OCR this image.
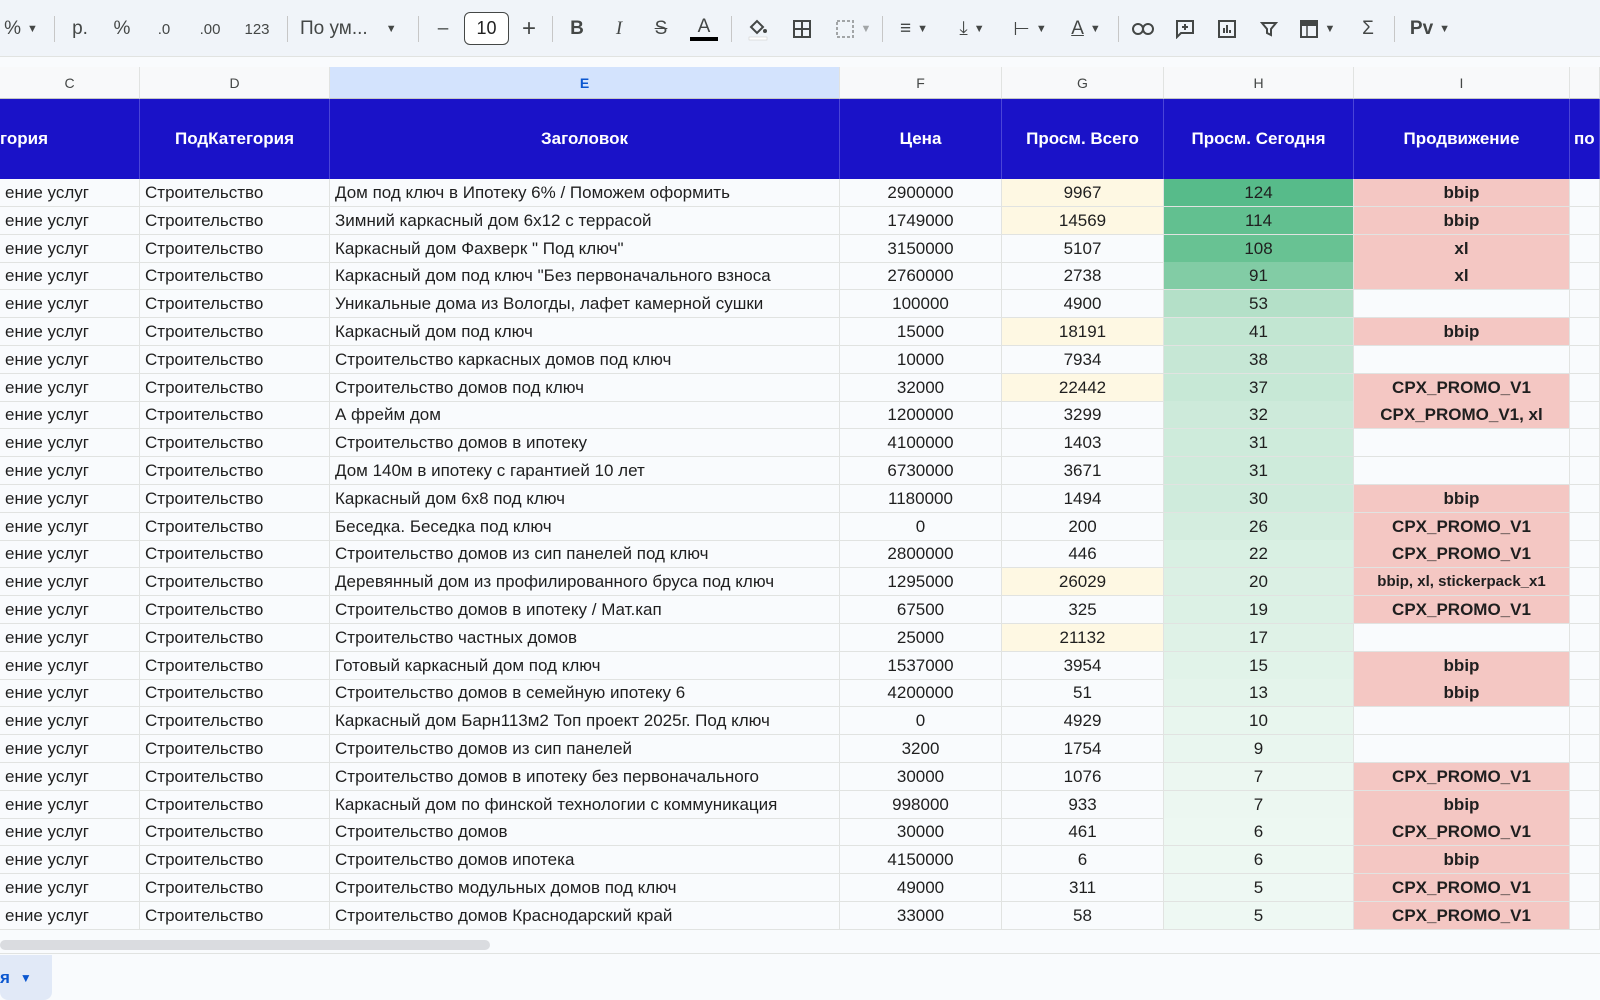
% ▼	р.	%	.0	.00	123	По ум... ▼	–	10	+	B	I	S	A	▼ ≡ ▼ ⤓ ▼ ⊢ ▼ A ▼	▼	Σ	Pv ▼
C	D	E	F	G	H	I
гория	ПодКатегория	Заголовок	Цена	Просм. Всего	Просм. Сегодня	Продвижение	по
ение услуг	Строительство	Дом под ключ в Ипотеку 6% / Поможем оформить	2900000	9967	124	bbip
ение услуг	Строительство	Зимний каркасный дом 6х12 с террасой	1749000	14569	114	bbip
ение услуг	Строительство	Каркасный дом Фахверк " Под ключ"	3150000	5107	108	xl
ение услуг	Строительство	Каркасный дом под ключ "Без первоначального взноса	2760000	2738	91	xl
ение услуг	Строительство	Уникальные дома из Вологды, лафет камерной сушки	100000	4900	53
ение услуг	Строительство	Каркасный дом под ключ	15000	18191	41	bbip
ение услуг	Строительство	Строительство каркасных домов под ключ	10000	7934	38
ение услуг	Строительство	Строительство домов под ключ	32000	22442	37	CPX_PROMO_V1
ение услуг	Строительство	А фрейм дом	1200000	3299	32	CPX_PROMO_V1, xl
ение услуг	Строительство	Строительство домов в ипотеку	4100000	1403	31
ение услуг	Строительство	Дом 140м в ипотеку с гарантией 10 лет	6730000	3671	31
ение услуг	Строительство	Каркасный дом 6х8 под ключ	1180000	1494	30	bbip
ение услуг	Строительство	Беседка. Беседка под ключ	0	200	26	CPX_PROMO_V1
ение услуг	Строительство	Строительство домов из сип панелей под ключ	2800000	446	22	CPX_PROMO_V1
ение услуг	Строительство	Деревянный дом из профилированного бруса под ключ	1295000	26029	20	bbip, xl, stickerpack_x1
ение услуг	Строительство	Строительство домов в ипотеку / Мат.кап	67500	325	19	CPX_PROMO_V1
ение услуг	Строительство	Строительство частных домов	25000	21132	17
ение услуг	Строительство	Готовый каркасный дом под ключ	1537000	3954	15	bbip
ение услуг	Строительство	Строительство домов в семейную ипотеку 6	4200000	51	13	bbip
ение услуг	Строительство	Каркасный дом Барн113м2 Топ проект 2025г. Под ключ	0	4929	10
ение услуг	Строительство	Строительство домов из сип панелей	3200	1754	9
ение услуг	Строительство	Строительство домов в ипотеку без первоначального	30000	1076	7	CPX_PROMO_V1
ение услуг	Строительство	Каркасный дом по финской технологии с коммуникация	998000	933	7	bbip
ение услуг	Строительство	Строительство домов	30000	461	6	CPX_PROMO_V1
ение услуг	Строительство	Строительство домов ипотека	4150000	6	6	bbip
ение услуг	Строительство	Строительство модульных домов под ключ	49000	311	5	CPX_PROMO_V1
ение услуг	Строительство	Строительство домов Краснодарский край	33000	58	5	CPX_PROMO_V1
я ▼
